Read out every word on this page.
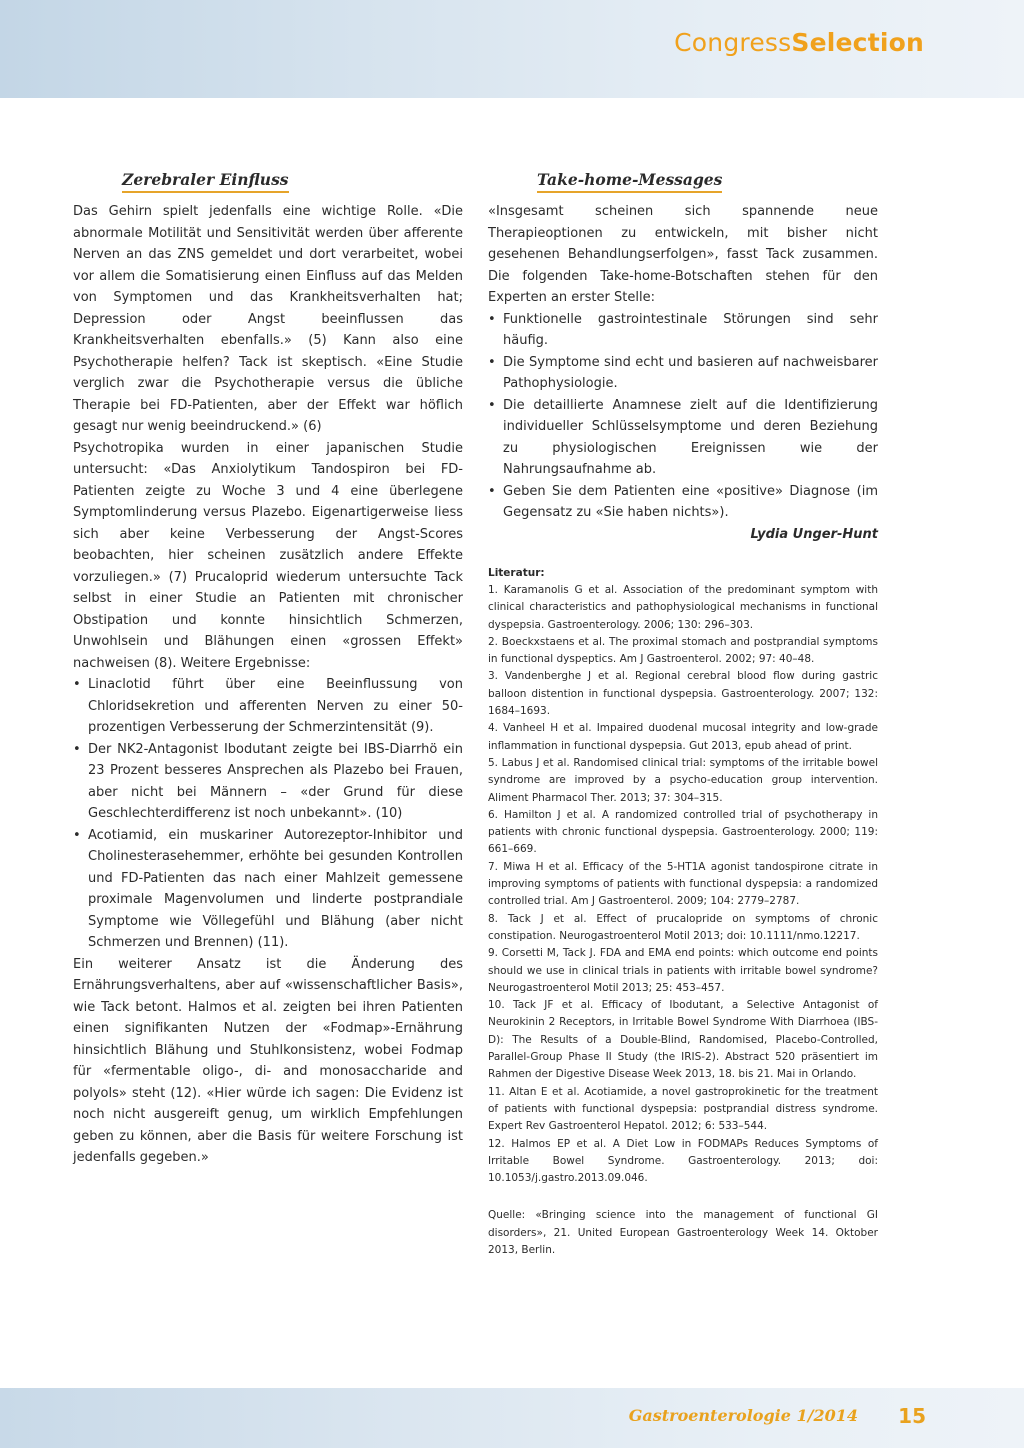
CongressSelection
Zerebraler Einfluss

Das Gehirn spielt jedenfalls eine wichtige Rolle. «Die abnormale Motilität und Sensitivität werden über afferente Nerven an das ZNS gemeldet und dort verarbeitet, wobei vor allem die Somatisierung einen Einfluss auf das Melden von Symptomen und das Krankheitsverhalten hat; Depression oder Angst beeinflussen das Krankheitsverhalten ebenfalls.» (5) Kann also eine Psychotherapie helfen? Tack ist skeptisch. «Eine Studie verglich zwar die Psychotherapie versus die übliche Therapie bei FD-Patienten, aber der Effekt war höflich gesagt nur wenig beeindruckend.» (6)

Psychotropika wurden in einer japanischen Studie untersucht: «Das Anxiolytikum Tandospiron bei FD-Patienten zeigte zu Woche 3 und 4 eine überlegene Symptomlinderung versus Plazebo. Eigenartigerweise liess sich aber keine Verbesserung der Angst-Scores beobachten, hier scheinen zusätzlich andere Effekte vorzuliegen.» (7) Prucaloprid wiederum untersuchte Tack selbst in einer Studie an Patienten mit chronischer Obstipation und konnte hinsichtlich Schmerzen, Unwohlsein und Blähungen einen «grossen Effekt» nachweisen (8). Weitere Ergebnisse:

• Linaclotid führt über eine Beeinflussung von Chloridsekretion und afferenten Nerven zu einer 50-prozentigen Verbesserung der Schmerzintensität (9).
• Der NK2-Antagonist Ibodutant zeigte bei IBS-Diarrhö ein 23 Prozent besseres Ansprechen als Plazebo bei Frauen, aber nicht bei Männern – «der Grund für diese Geschlechterdifferenz ist noch unbekannt». (10)
• Acotiamid, ein muskariner Autorezeptor-Inhibitor und Cholinesterasehemmer, erhöhte bei gesunden Kontrollen und FD-Patienten das nach einer Mahlzeit gemessene proximale Magenvolumen und linderte postprandiale Symptome wie Völlegefühl und Blähung (aber nicht Schmerzen und Brennen) (11).

Ein weiterer Ansatz ist die Änderung des Ernährungsverhaltens, aber auf «wissenschaftlicher Basis», wie Tack betont. Halmos et al. zeigten bei ihren Patienten einen signifikanten Nutzen der «Fodmap»-Ernährung hinsichtlich Blähung und Stuhlkonsistenz, wobei Fodmap für «fermentable oligo-, di- and monosaccharide and polyols» steht (12). «Hier würde ich sagen: Die Evidenz ist noch nicht ausgereift genug, um wirklich Empfehlungen geben zu können, aber die Basis für weitere Forschung ist jedenfalls gegeben.»

Take-home-Messages

«Insgesamt scheinen sich spannende neue Therapieoptionen zu entwickeln, mit bisher nicht gesehenen Behandlungserfolgen», fasst Tack zusammen. Die folgenden Take-home-Botschaften stehen für den Experten an erster Stelle:

• Funktionelle gastrointestinale Störungen sind sehr häufig.
• Die Symptome sind echt und basieren auf nachweisbarer Pathophysiologie.
• Die detaillierte Anamnese zielt auf die Identifizierung individueller Schlüsselsymptome und deren Beziehung zu physiologischen Ereignissen wie der Nahrungsaufnahme ab.
• Geben Sie dem Patienten eine «positive» Diagnose (im Gegensatz zu «Sie haben nichts»).
Lydia Unger-Hunt
Literatur:

1. Karamanolis G et al. Association of the predominant symptom with clinical characteristics and pathophysiological mechanisms in functional dyspepsia. Gastroenterology. 2006; 130: 296–303.

2. Boeckxstaens et al. The proximal stomach and postprandial symptoms in functional dyspeptics. Am J Gastroenterol. 2002; 97: 40–48.

3. Vandenberghe J et al. Regional cerebral blood flow during gastric balloon distention in functional dyspepsia. Gastroenterology. 2007; 132: 1684–1693.

4. Vanheel H et al. Impaired duodenal mucosal integrity and low-grade inflammation in functional dyspepsia. Gut 2013, epub ahead of print.

5. Labus J et al. Randomised clinical trial: symptoms of the irritable bowel syndrome are improved by a psycho-education group intervention. Aliment Pharmacol Ther. 2013; 37: 304–315.

6. Hamilton J et al. A randomized controlled trial of psychotherapy in patients with chronic functional dyspepsia. Gastroenterology. 2000; 119: 661–669.

7. Miwa H et al. Efficacy of the 5-HT1A agonist tandospirone citrate in improving symptoms of patients with functional dyspepsia: a randomized controlled trial. Am J Gastroenterol. 2009; 104: 2779–2787.

8. Tack J et al. Effect of prucalopride on symptoms of chronic constipation. Neurogastroenterol Motil 2013; doi: 10.1111/nmo.12217.

9. Corsetti M, Tack J. FDA and EMA end points: which outcome end points should we use in clinical trials in patients with irritable bowel syndrome? Neurogastroenterol Motil 2013; 25: 453–457.

10. Tack JF et al. Efficacy of Ibodutant, a Selective Antagonist of Neurokinin 2 Receptors, in Irritable Bowel Syndrome With Diarrhoea (IBS-D): The Results of a Double-Blind, Randomised, Placebo-Controlled, Parallel-Group Phase II Study (the IRIS-2). Abstract 520 präsentiert im Rahmen der Digestive Disease Week 2013, 18. bis 21. Mai in Orlando.

11. Altan E et al. Acotiamide, a novel gastroprokinetic for the treatment of patients with functional dyspepsia: postprandial distress syndrome. Expert Rev Gastroenterol Hepatol. 2012; 6: 533–544.

12. Halmos EP et al. A Diet Low in FODMAPs Reduces Symptoms of Irritable Bowel Syndrome. Gastroenterology. 2013; doi: 10.1053/j.gastro.2013.09.046.

Quelle: «Bringing science into the management of functional GI disorders», 21. United European Gastroenterology Week 14. Oktober 2013, Berlin.
Gastroenterologie 1/2014 15
